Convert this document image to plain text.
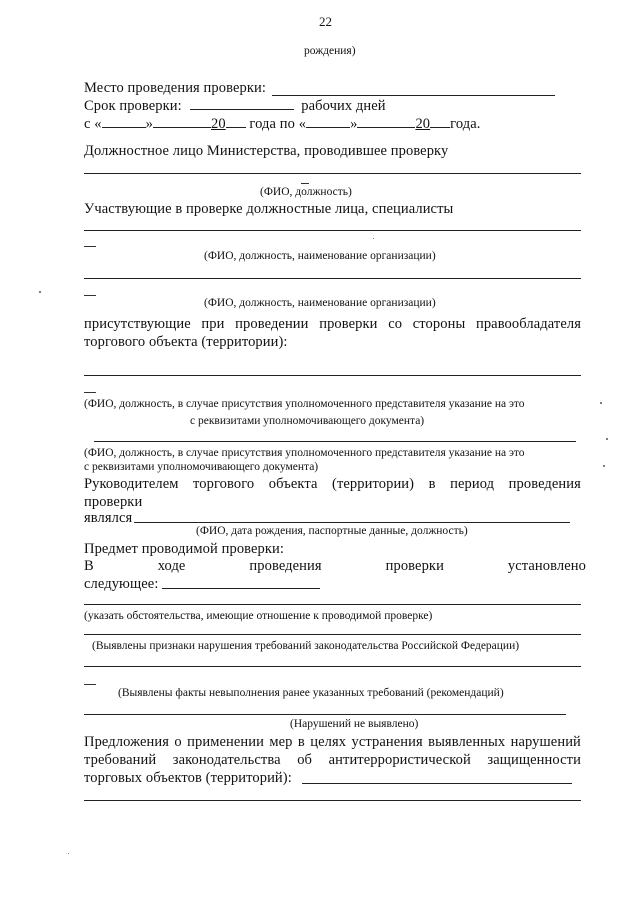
22
рождения)
Место проведения проверки:
Срок проверки:	рабочих дней
с «	»	20 года по «	»	20 года.
Должностное лицо Министерства, проводившее проверку
(ФИО, должность)
Участвующие в проверке должностные лица, специалисты
(ФИО, должность, наименование организации)
(ФИО, должность, наименование организации)
присутствующие при проведении проверки со стороны правообладателя
торгового объекта (территории):
(ФИО, должность, в случае присутствия уполномоченного представителя указание на это
с реквизитами уполномочивающего документа)
(ФИО, должность, в случае присутствия уполномоченного представителя указание на это
с реквизитами уполномочивающего документа)
Руководителем торгового объекта (территории) в период проведения
проверки
являлся
(ФИО, дата рождения, паспортные данные, должность)
Предмет проводимой проверки:
В	ходе	проведения	проверки	установлено
следующее:
(указать обстоятельства, имеющие отношение к проводимой проверке)
(Выявлены признаки нарушения требований законодательства Российской Федерации)
(Выявлены факты невыполнения ранее указанных требований (рекомендаций)
(Нарушений не выявлено)
Предложения о применении мер в целях устранения выявленных нарушений
требований законодательства об антитеррористической защищенности
торговых объектов (территорий):
